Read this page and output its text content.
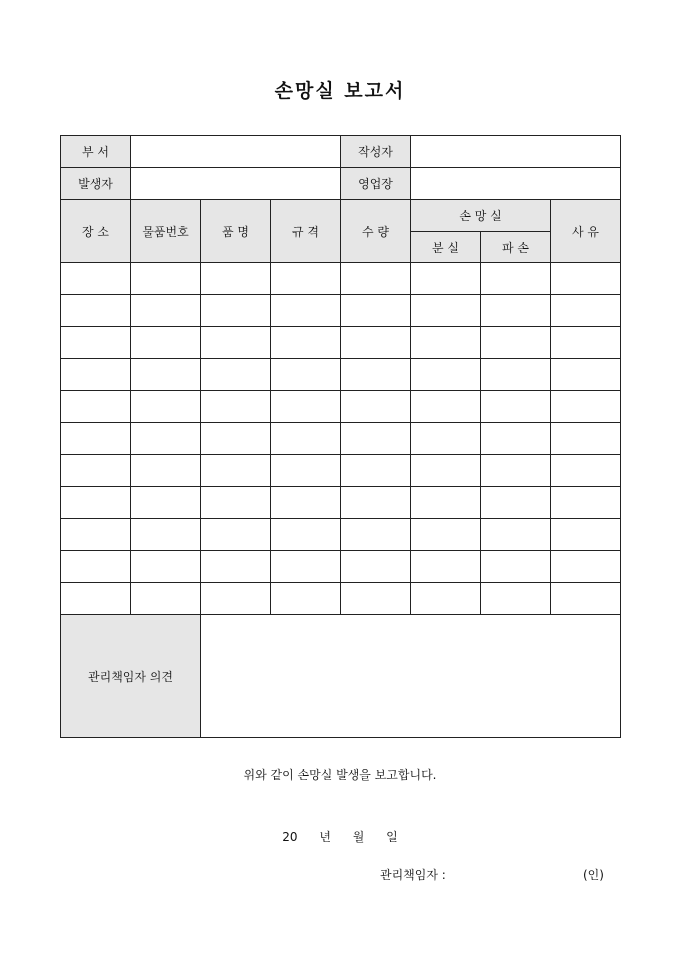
손망실 보고서
부 서				작성자			
발생자				영업장			
장 소	물품번호	품 명	규 격	수 량	손 망 실		사 유
					분 실	파 손	

관리책임자 의견							
위와 같이 손망실 발생을 보고합니다.
20 년 월 일
관리책임자 :	(인)
